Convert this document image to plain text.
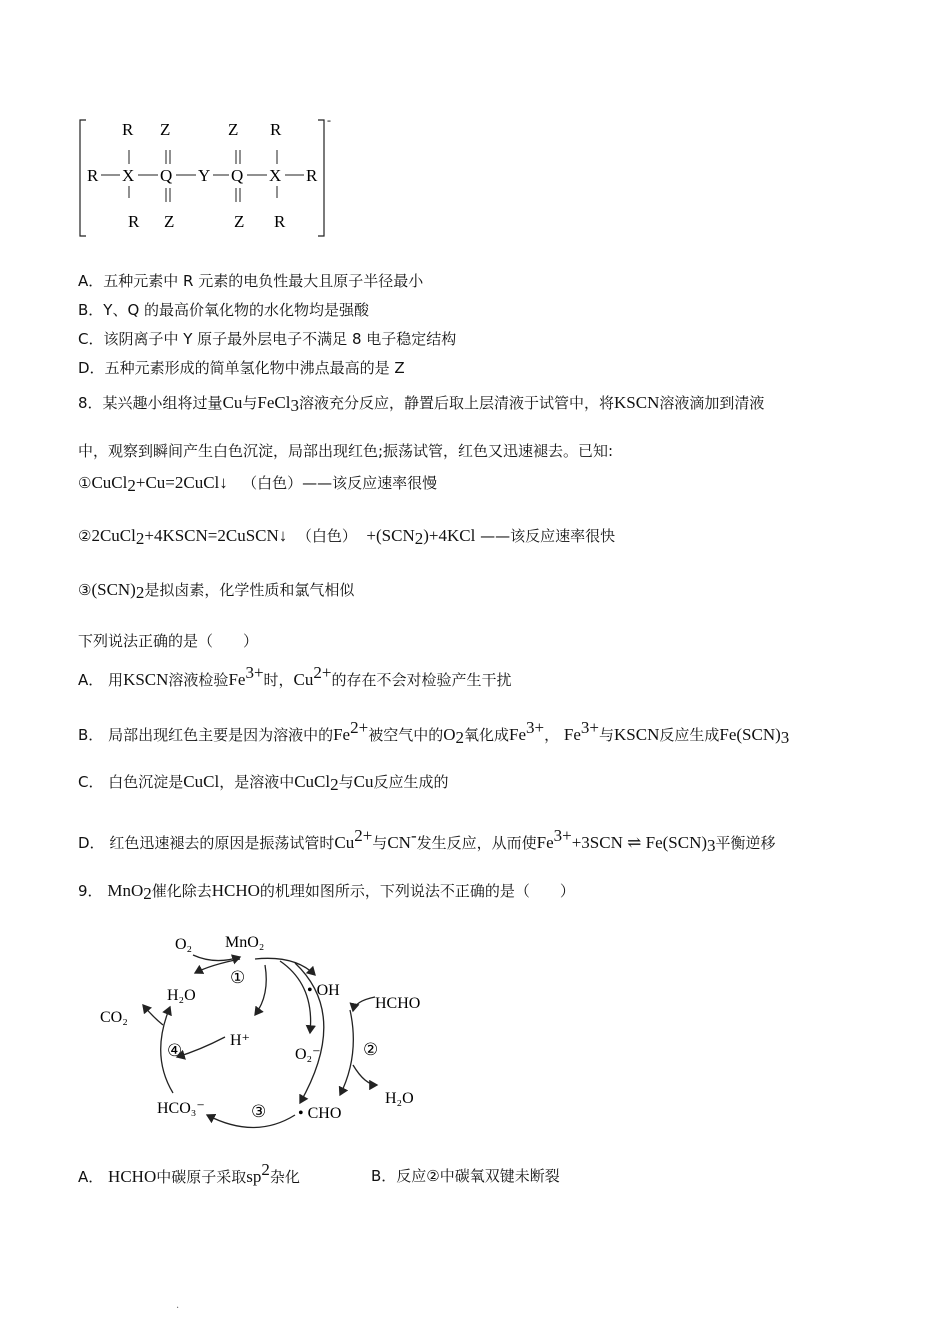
-
R Z	Z R
R X Q Y Q X R
R Z	Z R
A．五种元素中 R 元素的电负性最大且原子半径最小
B．Y、Q 的最高价氧化物的水化物均是强酸
C．该阴离子中 Y 原子最外层电子不满足 8 电子稳定结构
D．五种元素形成的简单氢化物中沸点最高的是 Z
8．某兴趣小组将过量Cu与FeCl3溶液充分反应，静置后取上层清液于试管中，将KSCN溶液滴加到清液
中，观察到瞬间产生白色沉淀，局部出现红色;振荡试管，红色又迅速褪去。已知:
①CuCl2+Cu=2CuCl↓ （白色）——该反应速率很慢
②2CuCl2+4KSCN=2CuSCN↓ （白色） +(SCN2)+4KCl ——该反应速率很快
③(SCN)2是拟卤素，化学性质和氯气相似
下列说法正确的是（　　）
A． 用KSCN溶液检验Fe3+时，Cu2+的存在不会对检验产生干扰
B． 局部出现红色主要是因为溶液中的Fe2+被空气中的O2氧化成Fe3+， Fe3+与KSCN反应生成Fe(SCN)3
C． 白色沉淀是CuCl，是溶液中CuCl2与Cu反应生成的
D． 红色迅速褪去的原因是振荡试管时Cu2+与CN-发生反应，从而使Fe3++3SCN ⇌ Fe(SCN)3平衡逆移
9． MnO2催化除去HCHO的机理如图所示，下列说法不正确的是（　　）
O₂ MnO₂
H₂O
CO₂
• OH
HCHO
H⁺
O₂⁻
H₂O
HCO₃⁻	• CHO
①
②
③
④
A． HCHO中碳原子采取sp2杂化	B．反应②中碳氧双键未断裂
.
